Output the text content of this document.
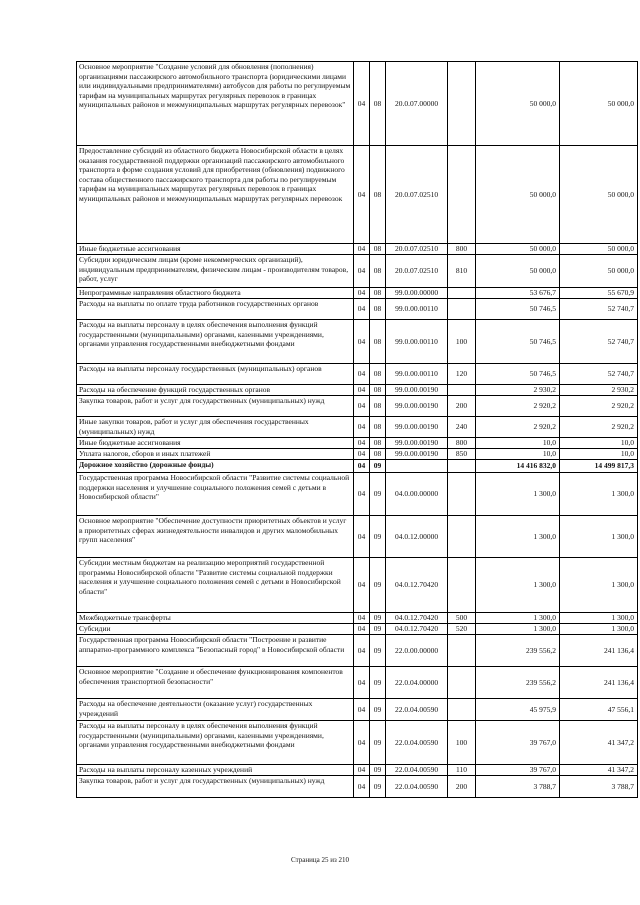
Основное мероприятие "Создание условий для обновления (пополнения) организациями пассажирского автомобильного транспорта (юридическими лицами или индивидуальными предпринимателями) автобусов для работы по регулируемым тарифам на муниципальных маршрутах регулярных перевозок в границах муниципальных районов и межмуниципальных маршрутах регулярных перевозок"	04	08	20.0.07.00000		50 000,0	50 000,0
Предоставление субсидий из областного бюджета Новосибирской области в целях оказания государственной поддержки организаций пассажирского автомобильного транспорта в форме создания условий для приобретения (обновления) подвижного состава общественного пассажирского транспорта для работы по регулируемым тарифам на муниципальных маршрутах регулярных перевозок в границах муниципальных районов и межмуниципальных маршрутах регулярных перевозок	04	08	20.0.07.02510		50 000,0	50 000,0
Иные бюджетные ассигнования	04	08	20.0.07.02510	800	50 000,0	50 000,0
Субсидии юридическим лицам (кроме некоммерческих организаций), индивидуальным предпринимателям, физическим лицам - производителям товаров, работ, услуг	04	08	20.0.07.02510	810	50 000,0	50 000,0
Непрограммные направления областного бюджета	04	08	99.0.00.00000		53 676,7	55 670,9
Расходы на выплаты по оплате труда работников государственных органов	04	08	99.0.00.00110		50 746,5	52 740,7
Расходы на выплаты персоналу в целях обеспечения выполнения функций государственными (муниципальными) органами, казенными учреждениями, органами управления государственными внебюджетными фондами	04	08	99.0.00.00110	100	50 746,5	52 740,7
Расходы на выплаты персоналу государственных (муниципальных) органов	04	08	99.0.00.00110	120	50 746,5	52 740,7
Расходы на обеспечение функций государственных органов	04	08	99.0.00.00190		2 930,2	2 930,2
Закупка товаров, работ и услуг для государственных (муниципальных) нужд	04	08	99.0.00.00190	200	2 920,2	2 920,2
Иные закупки товаров, работ и услуг для обеспечения государственных (муниципальных) нужд	04	08	99.0.00.00190	240	2 920,2	2 920,2
Иные бюджетные ассигнования	04	08	99.0.00.00190	800	10,0	10,0
Уплата налогов, сборов и иных платежей	04	08	99.0.00.00190	850	10,0	10,0
Дорожное хозяйство (дорожные фонды)	04	09			14 416 832,0	14 499 817,3
Государственная программа Новосибирской области "Развитие системы социальной поддержки населения и улучшение социального положения семей с детьми в Новосибирской области"	04	09	04.0.00.00000		1 300,0	1 300,0
Основное мероприятие "Обеспечение доступности приоритетных объектов и услуг в приоритетных сферах жизнедеятельности инвалидов и других маломобильных групп населения"	04	09	04.0.12.00000		1 300,0	1 300,0
Субсидии местным бюджетам на реализацию мероприятий государственной программы Новосибирской области "Развитие системы социальной поддержки населения и улучшение социального положения семей с детьми в Новосибирской области"	04	09	04.0.12.70420		1 300,0	1 300,0
Межбюджетные трансферты	04	09	04.0.12.70420	500	1 300,0	1 300,0
Субсидии	04	09	04.0.12.70420	520	1 300,0	1 300,0
Государственная программа Новосибирской области "Построение и развитие аппаратно-программного комплекса "Безопасный город" в Новосибирской области	04	09	22.0.00.00000		239 556,2	241 136,4
Основное мероприятие "Создание и обеспечение функционирования компонентов обеспечения транспортной безопасности"	04	09	22.0.04.00000		239 556,2	241 136,4
Расходы на обеспечение деятельности (оказание услуг) государственных учреждений	04	09	22.0.04.00590		45 975,9	47 556,1
Расходы на выплаты персоналу в целях обеспечения выполнения функций государственными (муниципальными) органами, казенными учреждениями, органами управления государственными внебюджетными фондами	04	09	22.0.04.00590	100	39 767,0	41 347,2
Расходы на выплаты персоналу казенных учреждений	04	09	22.0.04.00590	110	39 767,0	41 347,2
Закупка товаров, работ и услуг для государственных (муниципальных) нужд	04	09	22.0.04.00590	200	3 788,7	3 788,7
Страница 25 из 210
